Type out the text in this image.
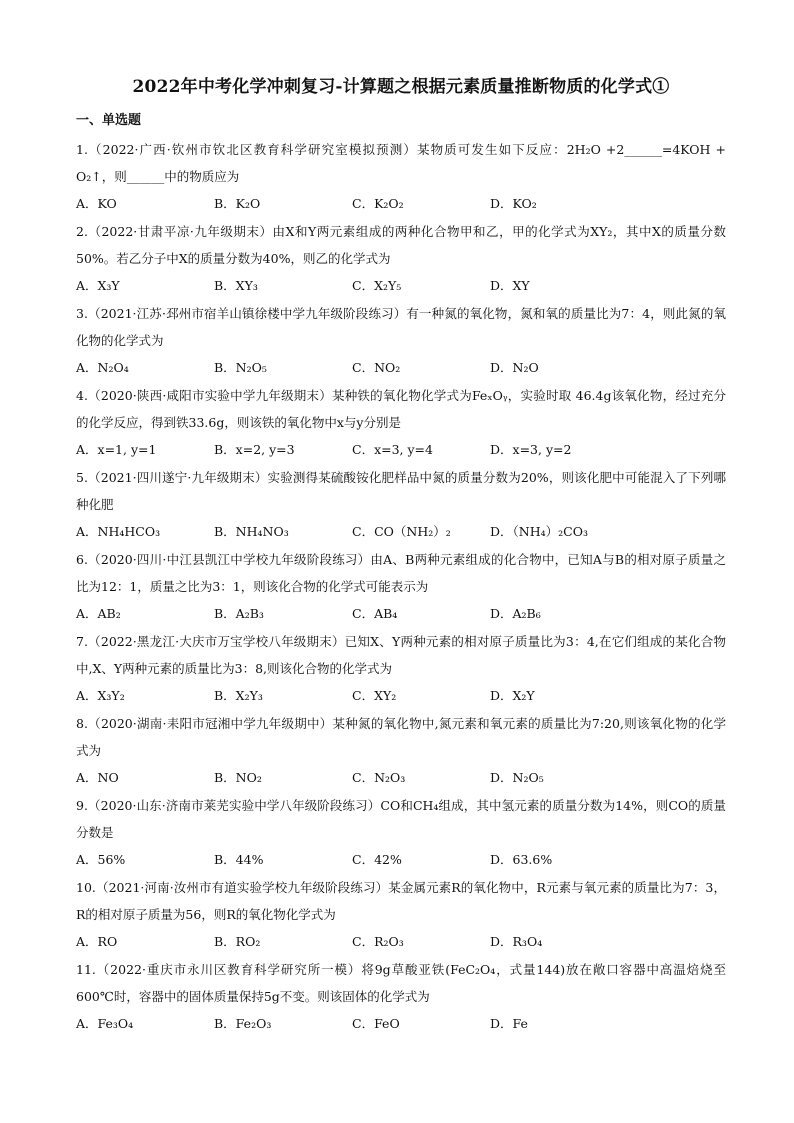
2022年中考化学冲刺复习-计算题之根据元素质量推断物质的化学式①
一、单选题
1.（2022·广西·钦州市钦北区教育科学研究室模拟预测）某物质可发生如下反应：2H₂O +2______=4KOH + O₂↑，则______中的物质应为
A．KO	B．K₂O	C．K₂O₂	D．KO₂
2.（2022·甘肃平凉·九年级期末）由X和Y两元素组成的两种化合物甲和乙，甲的化学式为XY₂，其中X的质量分数50%。若乙分子中X的质量分数为40%，则乙的化学式为
A．X₃Y	B．XY₃	C．X₂Y₅	D．XY
3.（2021·江苏·邳州市宿羊山镇徐楼中学九年级阶段练习）有一种氮的氧化物，氮和氧的质量比为7：4，则此氮的氧化物的化学式为
A．N₂O₄	B．N₂O₅	C．NO₂	D．N₂O
4.（2020·陕西·咸阳市实验中学九年级期末）某种铁的氧化物化学式为FeₓOᵧ，实验时取 46.4g该氧化物，经过充分的化学反应，得到铁33.6g，则该铁的氧化物中x与y分别是
A．x=1, y=1	B．x=2, y=3	C．x=3, y=4	D．x=3, y=2
5.（2021·四川遂宁·九年级期末）实验测得某硫酸铵化肥样品中氮的质量分数为20%，则该化肥中可能混入了下列哪种化肥
A．NH₄HCO₃	B．NH₄NO₃	C．CO（NH₂）₂	D．（NH₄）₂CO₃
6.（2020·四川·中江县凯江中学校九年级阶段练习）由A、B两种元素组成的化合物中，已知A与B的相对原子质量之比为12：1，质量之比为3：1，则该化合物的化学式可能表示为
A．AB₂	B．A₂B₃	C．AB₄	D．A₂B₆
7.（2022·黑龙江·大庆市万宝学校八年级期末）已知X、Y两种元素的相对原子质量比为3：4,在它们组成的某化合物中,X、Y两种元素的质量比为3：8,则该化合物的化学式为
A．X₃Y₂	B．X₂Y₃	C．XY₂	D．X₂Y
8.（2020·湖南·耒阳市冠湘中学九年级期中）某种氮的氧化物中,氮元素和氧元素的质量比为7:20,则该氧化物的化学式为
A．NO	B．NO₂	C．N₂O₃	D．N₂O₅
9.（2020·山东·济南市莱芜实验中学八年级阶段练习）CO和CH₄组成，其中氢元素的质量分数为14%，则CO的质量分数是
A．56%	B．44%	C．42%	D．63.6%
10.（2021·河南·汝州市有道实验学校九年级阶段练习）某金属元素R的氧化物中，R元素与氧元素的质量比为7：3，R的相对原子质量为56，则R的氧化物化学式为
A．RO	B．RO₂	C．R₂O₃	D．R₃O₄
11.（2022·重庆市永川区教育科学研究所一模）将9g草酸亚铁(FeC₂O₄，式量144)放在敞口容器中高温焙烧至600℃时，容器中的固体质量保持5g不变。则该固体的化学式为
A．Fe₃O₄	B．Fe₂O₃	C．FeO	D．Fe
